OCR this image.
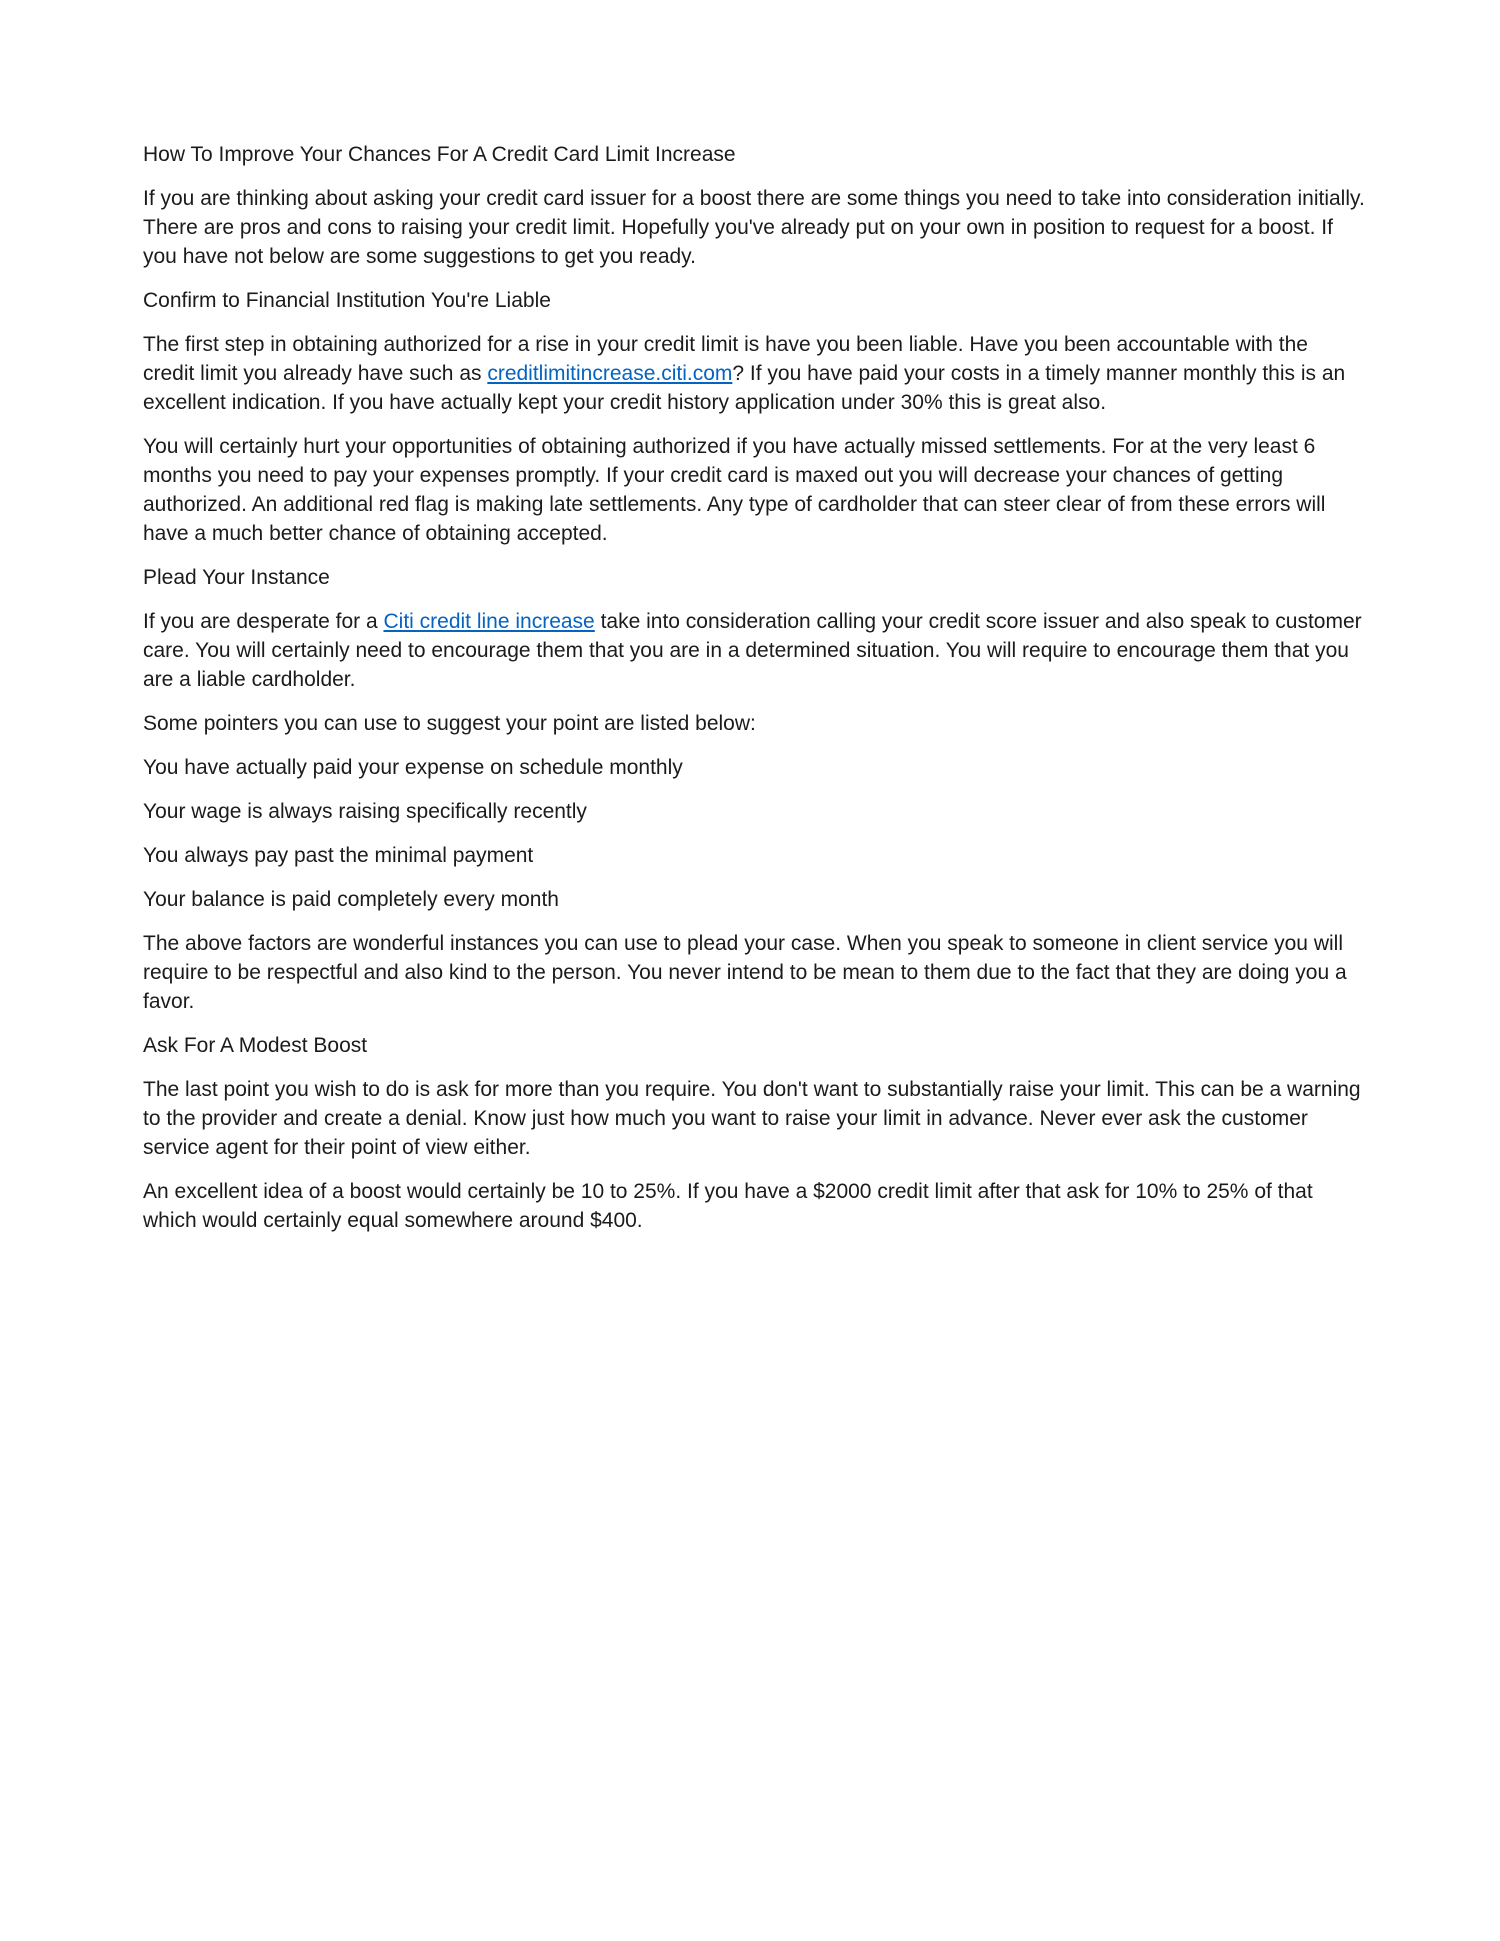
How To Improve Your Chances For A Credit Card Limit Increase

If you are thinking about asking your credit card issuer for a boost there are some things you need to take into consideration initially. There are pros and cons to raising your credit limit. Hopefully you've already put on your own in position to request for a boost. If you have not below are some suggestions to get you ready.

Confirm to Financial Institution You're Liable

The first step in obtaining authorized for a rise in your credit limit is have you been liable. Have you been accountable with the credit limit you already have such as creditlimitincrease.citi.com? If you have paid your costs in a timely manner monthly this is an excellent indication. If you have actually kept your credit history application under 30% this is great also.

You will certainly hurt your opportunities of obtaining authorized if you have actually missed settlements. For at the very least 6 months you need to pay your expenses promptly. If your credit card is maxed out you will decrease your chances of getting authorized. An additional red flag is making late settlements. Any type of cardholder that can steer clear of from these errors will have a much better chance of obtaining accepted.

Plead Your Instance

If you are desperate for a Citi credit line increase take into consideration calling your credit score issuer and also speak to customer care. You will certainly need to encourage them that you are in a determined situation. You will require to encourage them that you are a liable cardholder.

Some pointers you can use to suggest your point are listed below:

You have actually paid your expense on schedule monthly

Your wage is always raising specifically recently

You always pay past the minimal payment

Your balance is paid completely every month

The above factors are wonderful instances you can use to plead your case. When you speak to someone in client service you will require to be respectful and also kind to the person. You never intend to be mean to them due to the fact that they are doing you a favor.

Ask For A Modest Boost

The last point you wish to do is ask for more than you require. You don't want to substantially raise your limit. This can be a warning to the provider and create a denial. Know just how much you want to raise your limit in advance. Never ever ask the customer service agent for their point of view either.

An excellent idea of a boost would certainly be 10 to 25%. If you have a $2000 credit limit after that ask for 10% to 25% of that which would certainly equal somewhere around $400.
